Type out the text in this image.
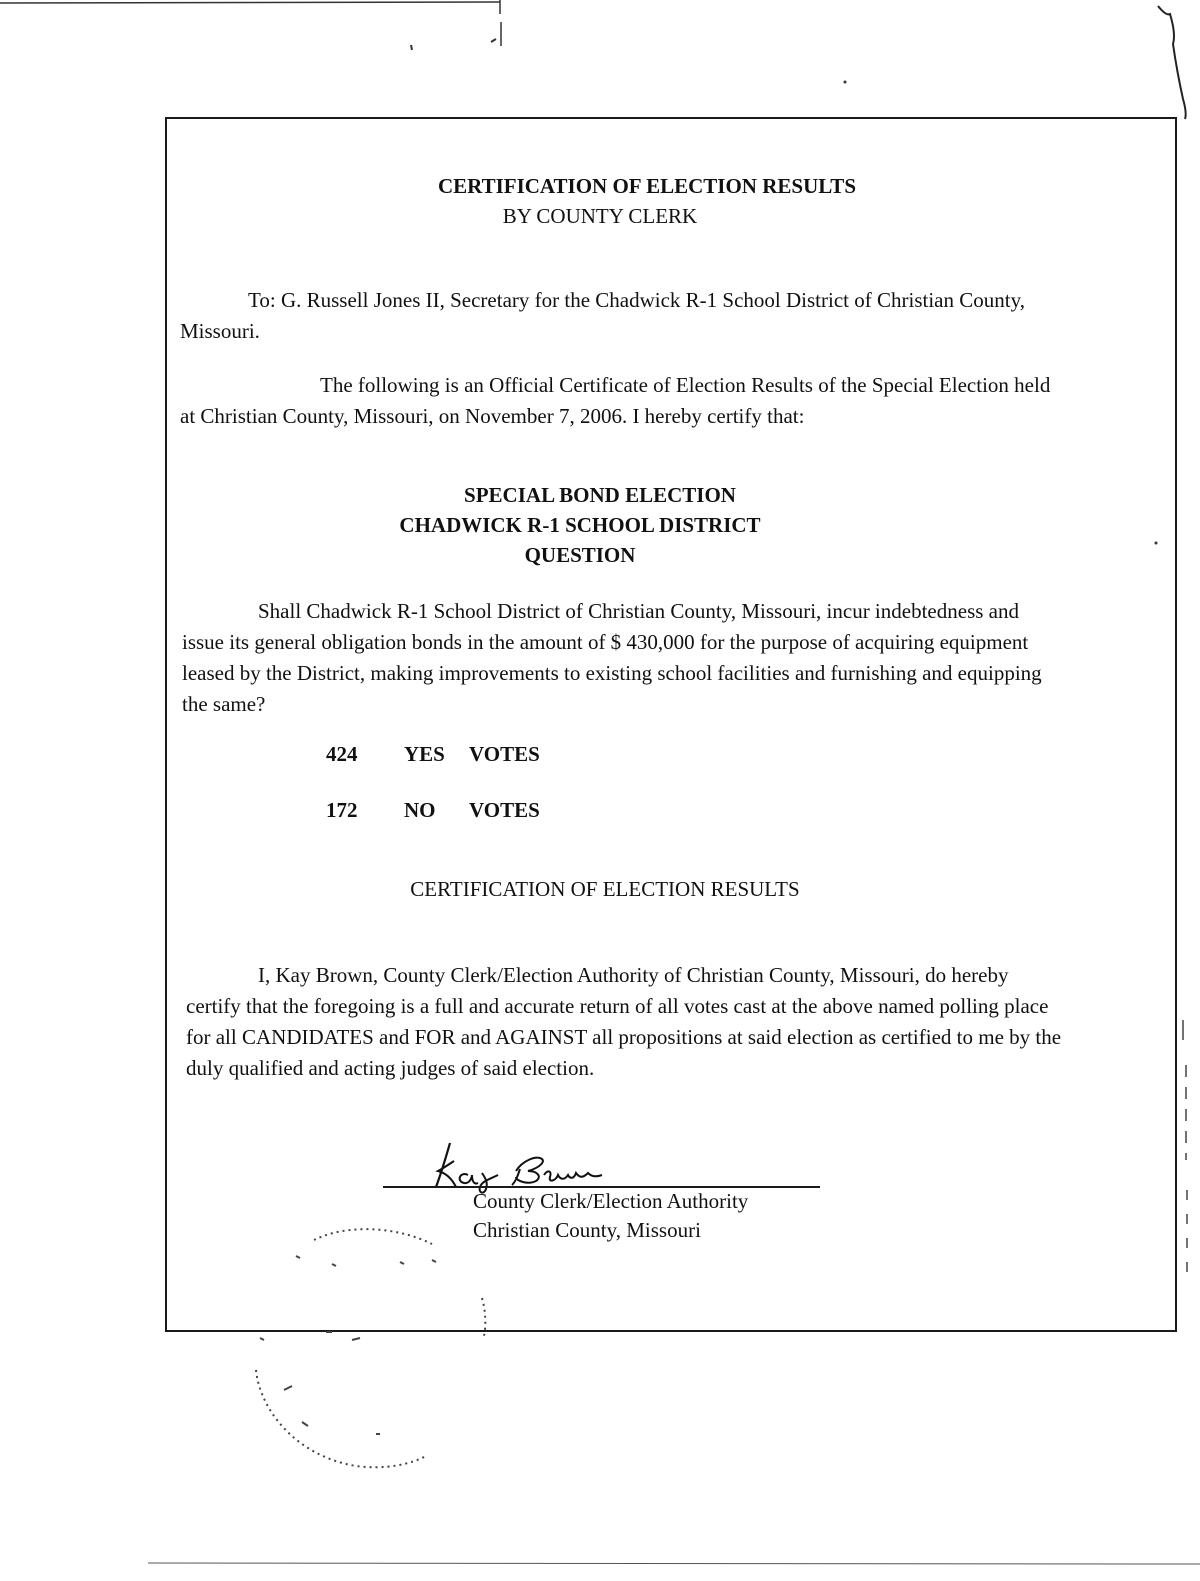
CERTIFICATION OF ELECTION RESULTS
BY COUNTY CLERK

To: G. Russell Jones II, Secretary for the Chadwick R-1 School District of Christian County, Missouri.

The following is an Official Certificate of Election Results of the Special Election held at Christian County, Missouri, on November 7, 2006. I hereby certify that:

SPECIAL BOND ELECTION
CHADWICK R-1 SCHOOL DISTRICT
QUESTION

Shall Chadwick R-1 School District of Christian County, Missouri, incur indebtedness and issue its general obligation bonds in the amount of $ 430,000 for the purpose of acquiring equipment leased by the District, making improvements to existing school facilities and furnishing and equipping the same?

424 YES VOTES
172 NO VOTES
CERTIFICATION OF ELECTION RESULTS

I, Kay Brown, County Clerk/Election Authority of Christian County, Missouri, do hereby certify that the foregoing is a full and accurate return of all votes cast at the above named polling place for all CANDIDATES and FOR and AGAINST all propositions at said election as certified to me by the duly qualified and acting judges of said election.

County Clerk/Election Authority
Christian County, Missouri
